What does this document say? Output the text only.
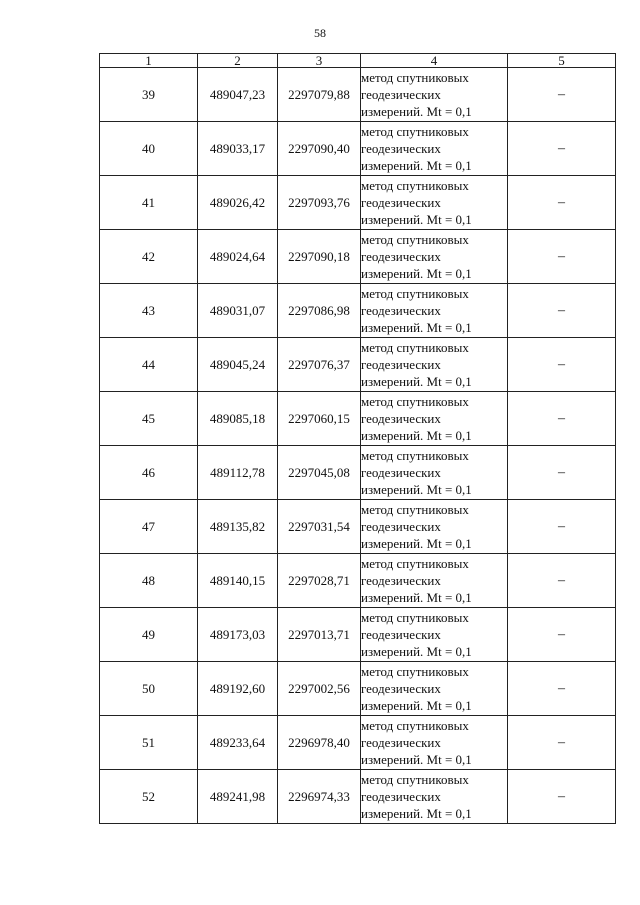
58
1	2	3	4	5
39	489047,23	2297079,88	метод спутниковых
геодезических
измерений. Mt = 0,1	–
40	489033,17	2297090,40	метод спутниковых
геодезических
измерений. Mt = 0,1	–
41	489026,42	2297093,76	метод спутниковых
геодезических
измерений. Mt = 0,1	–
42	489024,64	2297090,18	метод спутниковых
геодезических
измерений. Mt = 0,1	–
43	489031,07	2297086,98	метод спутниковых
геодезических
измерений. Mt = 0,1	–
44	489045,24	2297076,37	метод спутниковых
геодезических
измерений. Mt = 0,1	–
45	489085,18	2297060,15	метод спутниковых
геодезических
измерений. Mt = 0,1	–
46	489112,78	2297045,08	метод спутниковых
геодезических
измерений. Mt = 0,1	–
47	489135,82	2297031,54	метод спутниковых
геодезических
измерений. Mt = 0,1	–
48	489140,15	2297028,71	метод спутниковых
геодезических
измерений. Mt = 0,1	–
49	489173,03	2297013,71	метод спутниковых
геодезических
измерений. Mt = 0,1	–
50	489192,60	2297002,56	метод спутниковых
геодезических
измерений. Mt = 0,1	–
51	489233,64	2296978,40	метод спутниковых
геодезических
измерений. Mt = 0,1	–
52	489241,98	2296974,33	метод спутниковых
геодезических
измерений. Mt = 0,1	–
